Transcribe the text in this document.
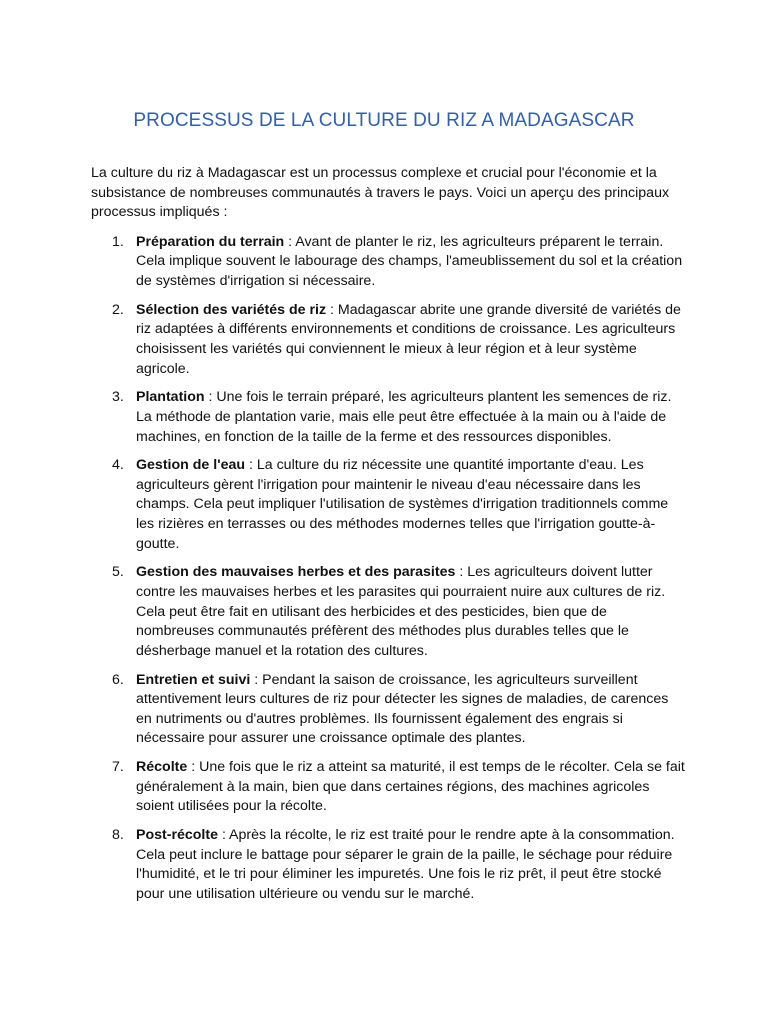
PROCESSUS DE LA CULTURE DU RIZ A MADAGASCAR

La culture du riz à Madagascar est un processus complexe et crucial pour l'économie et la subsistance de nombreuses communautés à travers le pays. Voici un aperçu des principaux processus impliqués :

1. Préparation du terrain : Avant de planter le riz, les agriculteurs préparent le terrain. Cela implique souvent le labourage des champs, l'ameublissement du sol et la création de systèmes d'irrigation si nécessaire.
2. Sélection des variétés de riz : Madagascar abrite une grande diversité de variétés de riz adaptées à différents environnements et conditions de croissance. Les agriculteurs choisissent les variétés qui conviennent le mieux à leur région et à leur système agricole.
3. Plantation : Une fois le terrain préparé, les agriculteurs plantent les semences de riz. La méthode de plantation varie, mais elle peut être effectuée à la main ou à l'aide de machines, en fonction de la taille de la ferme et des ressources disponibles.
4. Gestion de l'eau : La culture du riz nécessite une quantité importante d'eau. Les agriculteurs gèrent l'irrigation pour maintenir le niveau d'eau nécessaire dans les champs. Cela peut impliquer l'utilisation de systèmes d'irrigation traditionnels comme les rizières en terrasses ou des méthodes modernes telles que l'irrigation goutte-à-goutte.
5. Gestion des mauvaises herbes et des parasites : Les agriculteurs doivent lutter contre les mauvaises herbes et les parasites qui pourraient nuire aux cultures de riz. Cela peut être fait en utilisant des herbicides et des pesticides, bien que de nombreuses communautés préfèrent des méthodes plus durables telles que le désherbage manuel et la rotation des cultures.
6. Entretien et suivi : Pendant la saison de croissance, les agriculteurs surveillent attentivement leurs cultures de riz pour détecter les signes de maladies, de carences en nutriments ou d'autres problèmes. Ils fournissent également des engrais si nécessaire pour assurer une croissance optimale des plantes.
7. Récolte : Une fois que le riz a atteint sa maturité, il est temps de le récolter. Cela se fait généralement à la main, bien que dans certaines régions, des machines agricoles soient utilisées pour la récolte.
8. Post-récolte : Après la récolte, le riz est traité pour le rendre apte à la consommation. Cela peut inclure le battage pour séparer le grain de la paille, le séchage pour réduire l'humidité, et le tri pour éliminer les impuretés. Une fois le riz prêt, il peut être stocké pour une utilisation ultérieure ou vendu sur le marché.
